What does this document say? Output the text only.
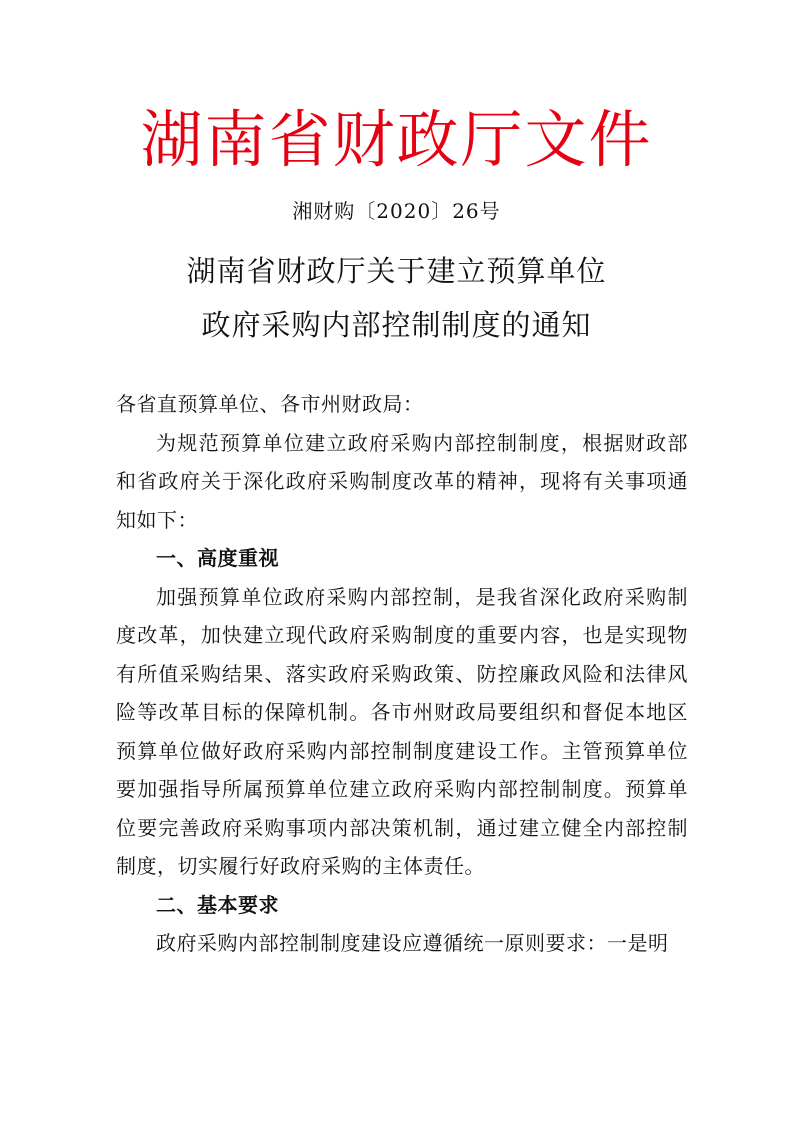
湖南省财政厅文件
湘财购〔2020〕26号
湖南省财政厅关于建立预算单位
政府采购内部控制制度的通知

各省直预算单位、各市州财政局：

为规范预算单位建立政府采购内部控制制度，根据财政部和省政府关于深化政府采购制度改革的精神，现将有关事项通知如下：

一、高度重视

加强预算单位政府采购内部控制，是我省深化政府采购制度改革，加快建立现代政府采购制度的重要内容，也是实现物有所值采购结果、落实政府采购政策、防控廉政风险和法律风险等改革目标的保障机制。各市州财政局要组织和督促本地区预算单位做好政府采购内部控制制度建设工作。主管预算单位要加强指导所属预算单位建立政府采购内部控制制度。预算单位要完善政府采购事项内部决策机制，通过建立健全内部控制制度，切实履行好政府采购的主体责任。

二、基本要求

政府采购内部控制制度建设应遵循统一原则要求：一是明
